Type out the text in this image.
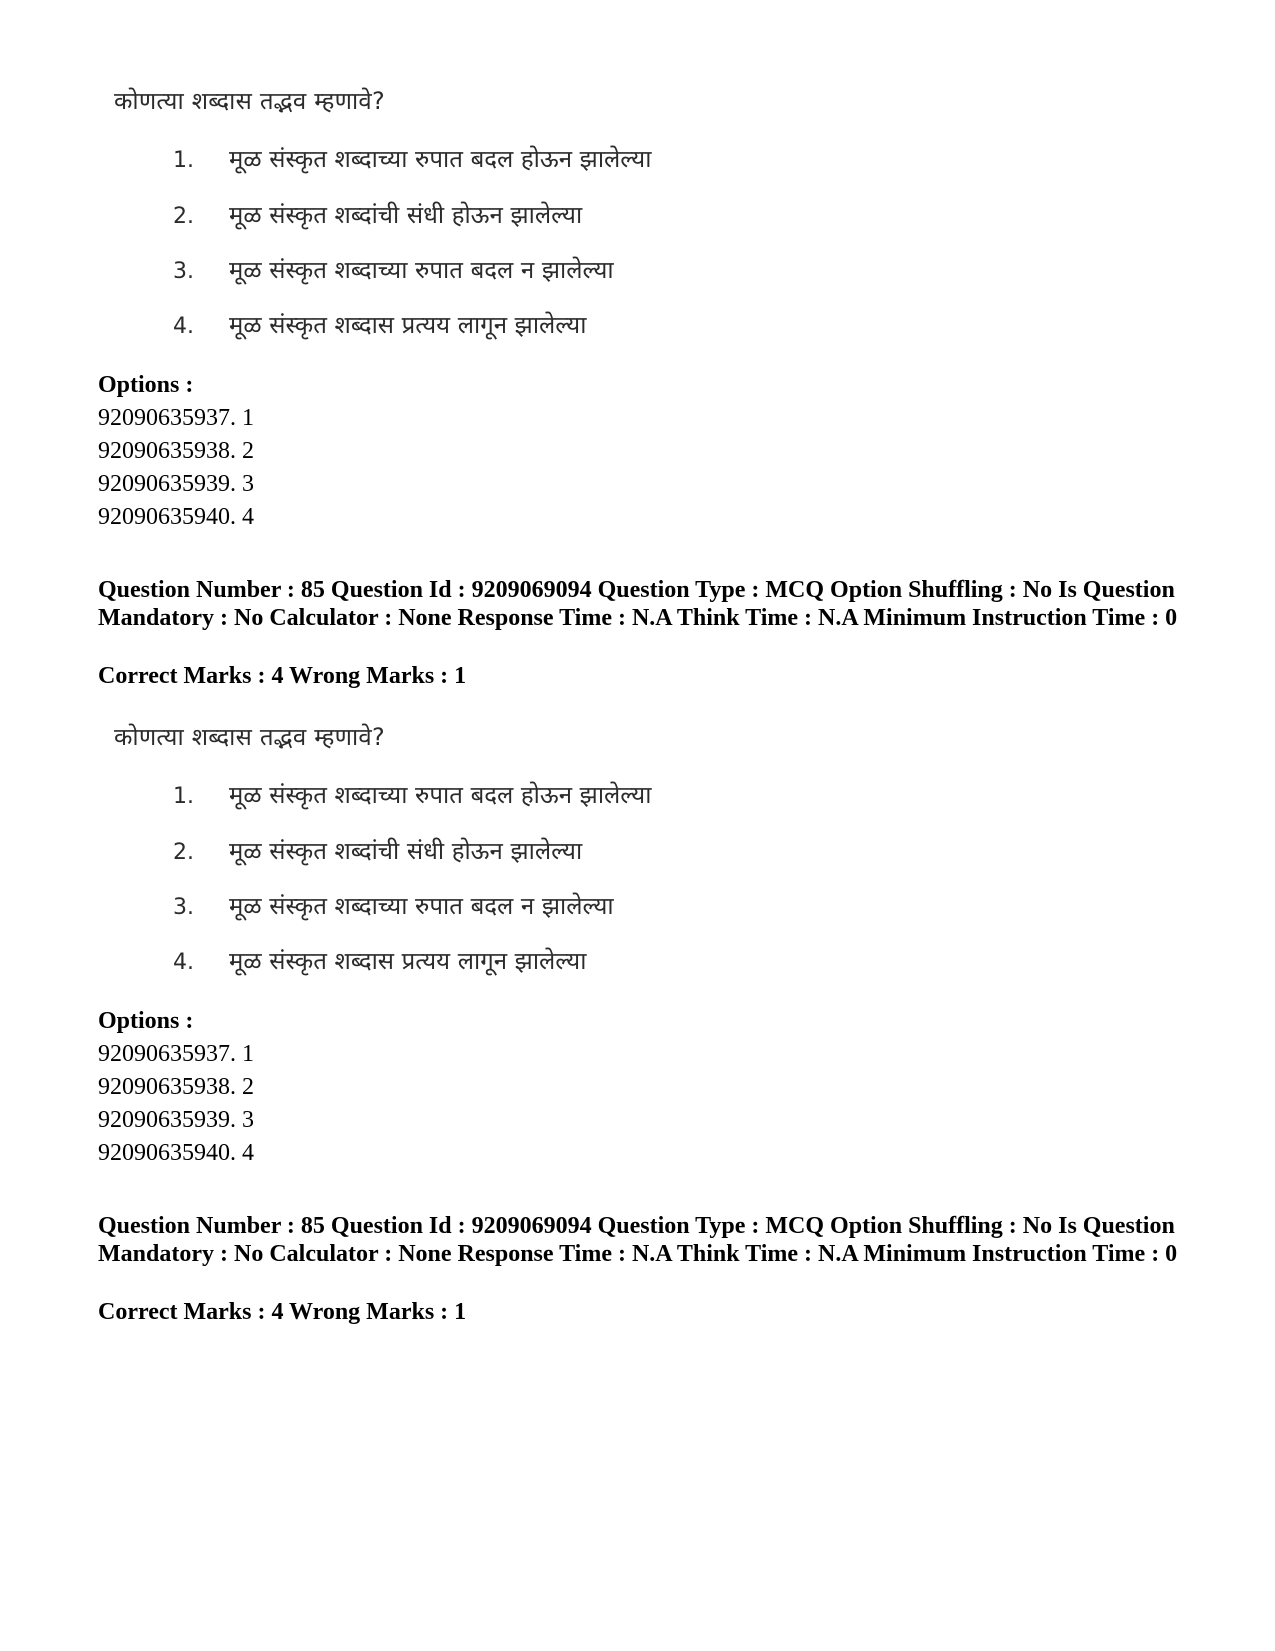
कोणत्या शब्दास तद्भव म्हणावे?
1. मूळ संस्कृत शब्दाच्या रुपात बदल होऊन झालेल्या
2. मूळ संस्कृत शब्दांची संधी होऊन झालेल्या
3. मूळ संस्कृत शब्दाच्या रुपात बदल न झालेल्या
4. मूळ संस्कृत शब्दास प्रत्यय लागून झालेल्या
Options :
92090635937. 1
92090635938. 2
92090635939. 3
92090635940. 4
Question Number : 85 Question Id : 9209069094 Question Type : MCQ Option Shuffling : No Is Question Mandatory : No Calculator : None Response Time : N.A Think Time : N.A Minimum Instruction Time : 0
Correct Marks : 4 Wrong Marks : 1
कोणत्या शब्दास तद्भव म्हणावे?
1. मूळ संस्कृत शब्दाच्या रुपात बदल होऊन झालेल्या
2. मूळ संस्कृत शब्दांची संधी होऊन झालेल्या
3. मूळ संस्कृत शब्दाच्या रुपात बदल न झालेल्या
4. मूळ संस्कृत शब्दास प्रत्यय लागून झालेल्या
Options :
92090635937. 1
92090635938. 2
92090635939. 3
92090635940. 4
Question Number : 85 Question Id : 9209069094 Question Type : MCQ Option Shuffling : No Is Question Mandatory : No Calculator : None Response Time : N.A Think Time : N.A Minimum Instruction Time : 0
Correct Marks : 4 Wrong Marks : 1
